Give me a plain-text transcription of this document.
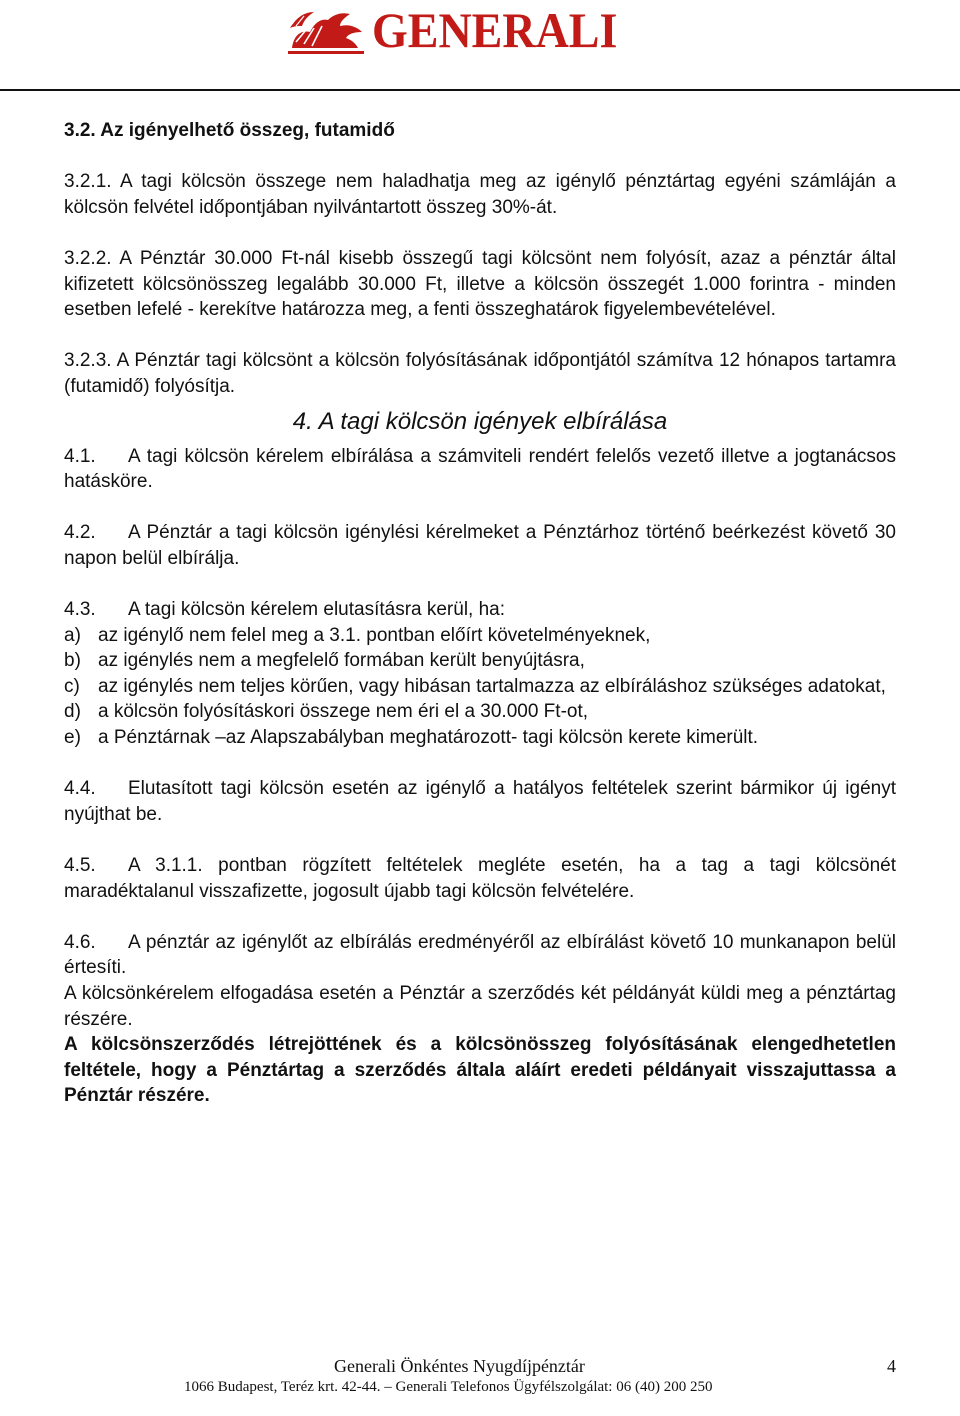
GENERALI

3.2. Az igényelhető összeg, futamidő

3.2.1. A tagi kölcsön összege nem haladhatja meg az igénylő pénztártag egyéni számláján a kölcsön felvétel időpontjában nyilvántartott összeg 30%-át.

3.2.2. A Pénztár 30.000 Ft-nál kisebb összegű tagi kölcsönt nem folyósít, azaz a pénztár által kifizetett kölcsönösszeg legalább 30.000 Ft, illetve a kölcsön összegét 1.000 forintra - minden esetben lefelé - kerekítve határozza meg, a fenti összeghatárok figyelembevételével.

3.2.3. A Pénztár tagi kölcsönt a kölcsön folyósításának időpontjától számítva 12 hónapos tartamra (futamidő) folyósítja.

4. A tagi kölcsön igények elbírálása

4.1. A tagi kölcsön kérelem elbírálása a számviteli rendért felelős vezető illetve a jogtanácsos hatásköre.

4.2. A Pénztár a tagi kölcsön igénylési kérelmeket a Pénztárhoz történő beérkezést követő 30 napon belül elbírálja.

4.3. A tagi kölcsön kérelem elutasításra kerül, ha:

a) az igénylő nem felel meg a 3.1. pontban előírt követelményeknek,
b) az igénylés nem a megfelelő formában került benyújtásra,
c) az igénylés nem teljes körűen, vagy hibásan tartalmazza az elbíráláshoz szükséges adatokat,
d) a kölcsön folyósításkori összege nem éri el a 30.000 Ft-ot,
e) a Pénztárnak –az Alapszabályban meghatározott- tagi kölcsön kerete kimerült.

4.4. Elutasított tagi kölcsön esetén az igénylő a hatályos feltételek szerint bármikor új igényt nyújthat be.

4.5. A 3.1.1. pontban rögzített feltételek megléte esetén, ha a tag a tagi kölcsönét maradéktalanul visszafizette, jogosult újabb tagi kölcsön felvételére.

4.6. A pénztár az igénylőt az elbírálás eredményéről az elbírálást követő 10 munkanapon belül értesíti.

A kölcsönkérelem elfogadása esetén a Pénztár a szerződés két példányát küldi meg a pénztártag részére.

A kölcsönszerződés létrejöttének és a kölcsönösszeg folyósításának elengedhetetlen feltétele, hogy a Pénztártag a szerződés általa aláírt eredeti példányait visszajuttassa a Pénztár részére.

Generali Önkéntes Nyugdíjpénztár	4
1066 Budapest, Teréz krt. 42-44. – Generali Telefonos Ügyfélszolgálat: 06 (40) 200 250
